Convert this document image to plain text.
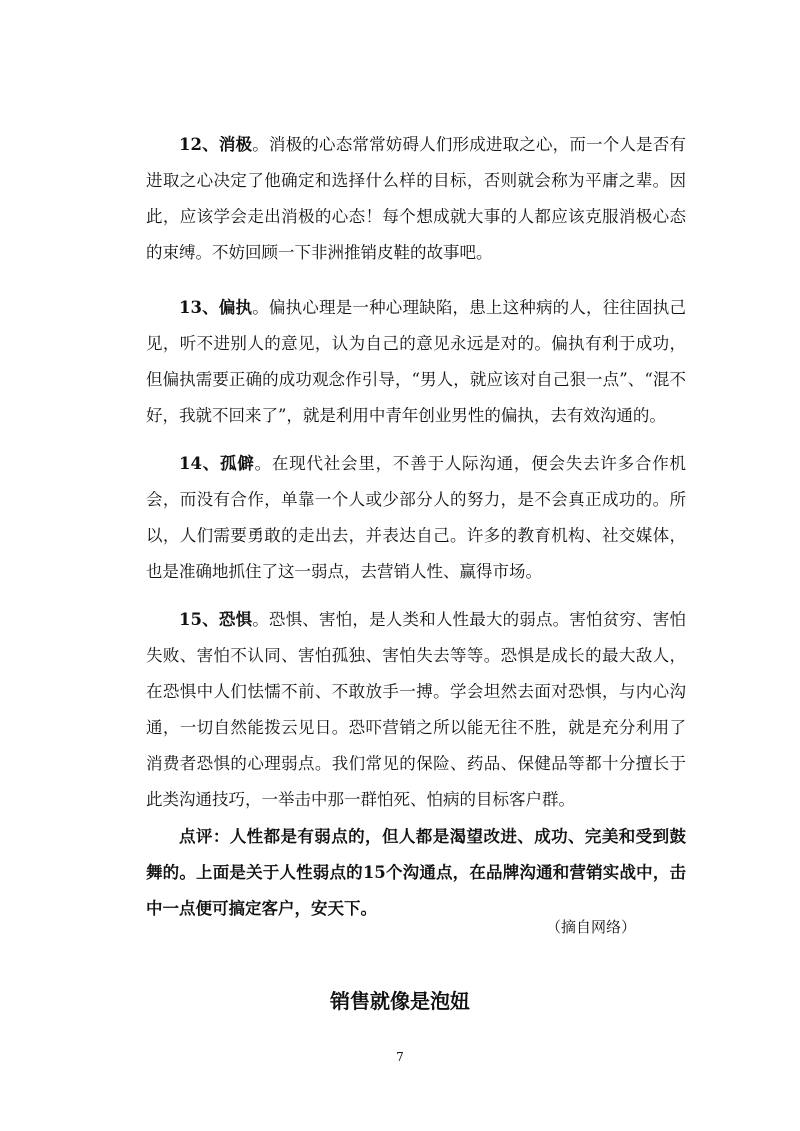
12、消极。消极的心态常常妨碍人们形成进取之心，而一个人是否有进取之心决定了他确定和选择什么样的目标，否则就会称为平庸之辈。因此，应该学会走出消极的心态！每个想成就大事的人都应该克服消极心态的束缚。不妨回顾一下非洲推销皮鞋的故事吧。

13、偏执。偏执心理是一种心理缺陷，患上这种病的人，往往固执己见，听不进别人的意见，认为自己的意见永远是对的。偏执有利于成功，但偏执需要正确的成功观念作引导，“男人，就应该对自己狠一点”、“混不好，我就不回来了”，就是利用中青年创业男性的偏执，去有效沟通的。

14、孤僻。在现代社会里，不善于人际沟通，便会失去许多合作机会，而没有合作，单靠一个人或少部分人的努力，是不会真正成功的。所以，人们需要勇敢的走出去，并表达自己。许多的教育机构、社交媒体，也是准确地抓住了这一弱点，去营销人性、赢得市场。

15、恐惧。恐惧、害怕，是人类和人性最大的弱点。害怕贫穷、害怕失败、害怕不认同、害怕孤独、害怕失去等等。恐惧是成长的最大敌人，在恐惧中人们怯懦不前、不敢放手一搏。学会坦然去面对恐惧，与内心沟通，一切自然能拨云见日。恐吓营销之所以能无往不胜，就是充分利用了消费者恐惧的心理弱点。我们常见的保险、药品、保健品等都十分擅长于此类沟通技巧，一举击中那一群怕死、怕病的目标客户群。

点评：人性都是有弱点的，但人都是渴望改进、成功、完美和受到鼓舞的。上面是关于人性弱点的15个沟通点，在品牌沟通和营销实战中，击中一点便可搞定客户，安天下。

（摘自网络）

销售就像是泡妞
7
